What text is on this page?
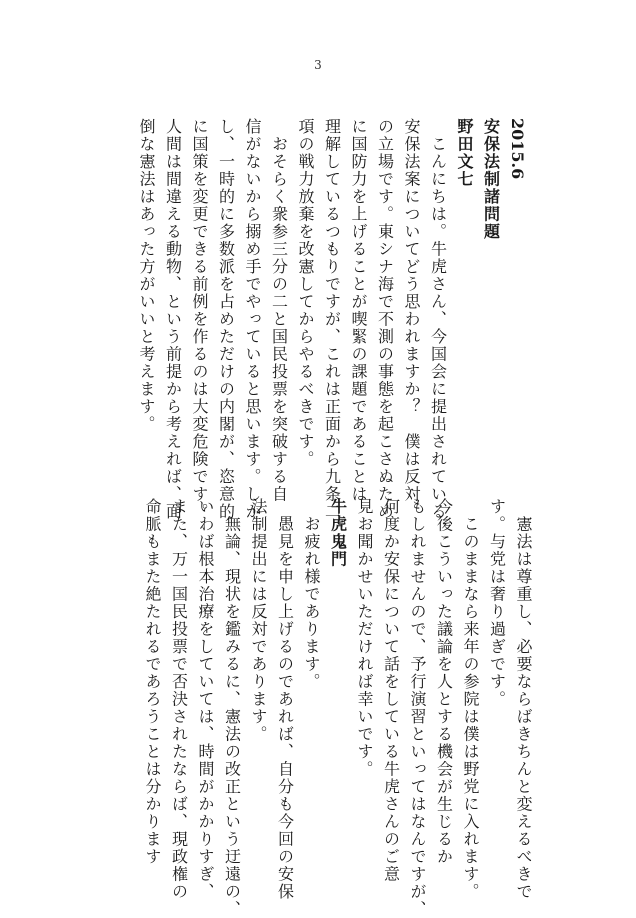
3
2015.6
安保法制諸問題
野田文七
　こんにちは。牛虎さん、今国会に提出されている
安保法案についてどう思われますか？　僕は反対
の立場です。東シナ海で不測の事態を起こさぬため
に国防力を上げることが喫緊の課題であることは
理解しているつもりですが、これは正面から九条二
項の戦力放棄を改憲してからやるべきです。
　おそらく衆参三分の二と国民投票を突破する自
信がないから搦め手でやっていると思います。しか
し、一時的に多数派を占めただけの内閣が、恣意的
に国策を変更できる前例を作るのは大変危険です。
人間は間違える動物、という前提から考えれば、面
倒な憲法はあった方がいいと考えます。
　憲法は尊重し、必要ならばきちんと変えるべきで
す。与党は奢り過ぎです。
　このままなら来年の参院は僕は野党に入れます。
今後こういった議論を人とする機会が生じるか
もしれませんので、予行演習といってはなんですが、
何度か安保について話をしている牛虎さんのご意
見お聞かせいただければ幸いです。
牛虎鬼門
　お疲れ様であります。
　愚見を申し上げるのであれば、自分も今回の安保
法制提出には反対であります。
　無論、現状を鑑みるに、憲法の改正という迂遠の、
いわば根本治療をしていては、時間がかかりすぎ、
また、万一国民投票で否決されたならば、現政権の
命脈もまた絶たれるであろうことは分かります
